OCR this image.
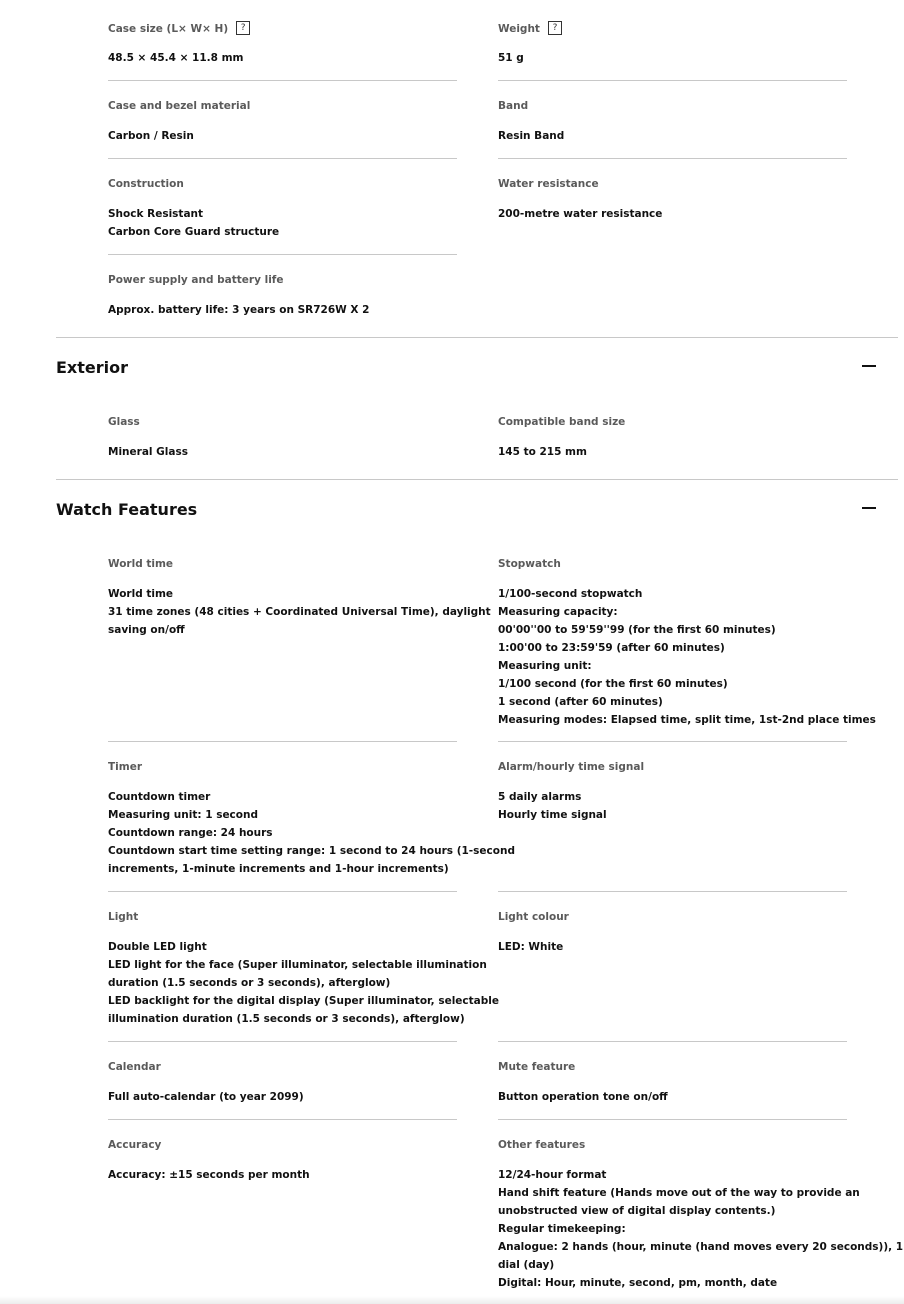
Case size (L× W× H) ?
48.5 × 45.4 × 11.8 mm
Weight ?
51 g
Case and bezel material
Carbon / Resin
Band
Resin Band
Construction
Shock Resistant
Carbon Core Guard structure
Water resistance
200-metre water resistance
Power supply and battery life
Approx. battery life: 3 years on SR726W X 2
Exterior
Glass
Mineral Glass
Compatible band size
145 to 215 mm
Watch Features
World time
World time
31 time zones (48 cities + Coordinated Universal Time), daylight
saving on/off
Stopwatch
1/100-second stopwatch
Measuring capacity:
00'00''00 to 59'59''99 (for the first 60 minutes)
1:00'00 to 23:59'59 (after 60 minutes)
Measuring unit:
1/100 second (for the first 60 minutes)
1 second (after 60 minutes)
Measuring modes: Elapsed time, split time, 1st-2nd place times
Timer
Countdown timer
Measuring unit: 1 second
Countdown range: 24 hours
Countdown start time setting range: 1 second to 24 hours (1-second
increments, 1-minute increments and 1-hour increments)
Alarm/hourly time signal
5 daily alarms
Hourly time signal
Light
Double LED light
LED light for the face (Super illuminator, selectable illumination
duration (1.5 seconds or 3 seconds), afterglow)
LED backlight for the digital display (Super illuminator, selectable
illumination duration (1.5 seconds or 3 seconds), afterglow)
Light colour
LED: White
Calendar
Full auto-calendar (to year 2099)
Mute feature
Button operation tone on/off
Accuracy
Accuracy: ±15 seconds per month
Other features
12/24-hour format
Hand shift feature (Hands move out of the way to provide an
unobstructed view of digital display contents.)
Regular timekeeping:
Analogue: 2 hands (hour, minute (hand moves every 20 seconds)), 1
dial (day)
Digital: Hour, minute, second, pm, month, date
